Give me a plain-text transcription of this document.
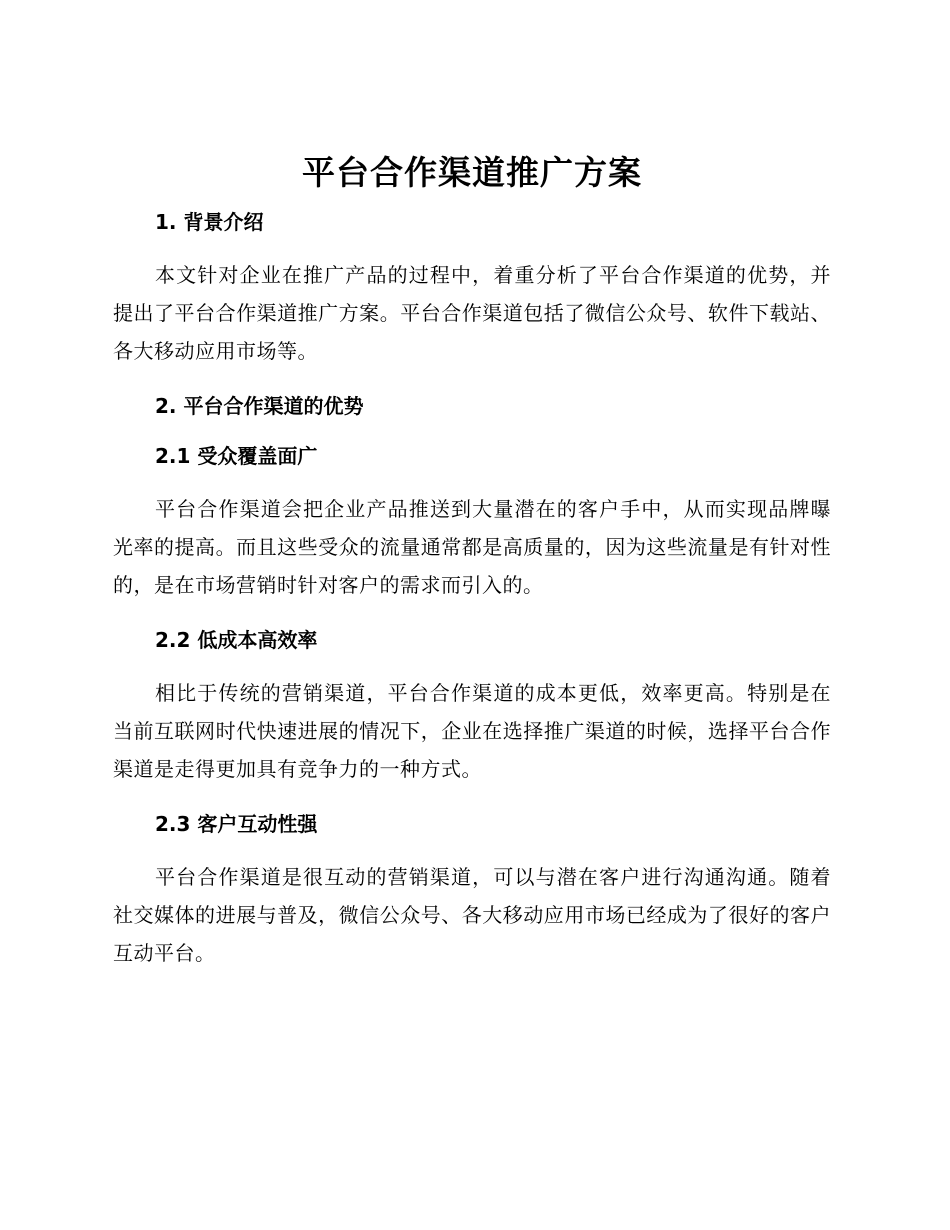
平台合作渠道推广方案
1. 背景介绍

本文针对企业在推广产品的过程中，着重分析了平台合作渠道的优势，并提出了平台合作渠道推广方案。平台合作渠道包括了微信公众号、软件下载站、各大移动应用市场等。

2. 平台合作渠道的优势
2.1 受众覆盖面广

平台合作渠道会把企业产品推送到大量潜在的客户手中，从而实现品牌曝光率的提高。而且这些受众的流量通常都是高质量的，因为这些流量是有针对性的，是在市场营销时针对客户的需求而引入的。

2.2 低成本高效率

相比于传统的营销渠道，平台合作渠道的成本更低，效率更高。特别是在当前互联网时代快速进展的情况下，企业在选择推广渠道的时候，选择平台合作渠道是走得更加具有竞争力的一种方式。

2.3 客户互动性强

平台合作渠道是很互动的营销渠道，可以与潜在客户进行沟通沟通。随着社交媒体的进展与普及，微信公众号、各大移动应用市场已经成为了很好的客户互动平台。
